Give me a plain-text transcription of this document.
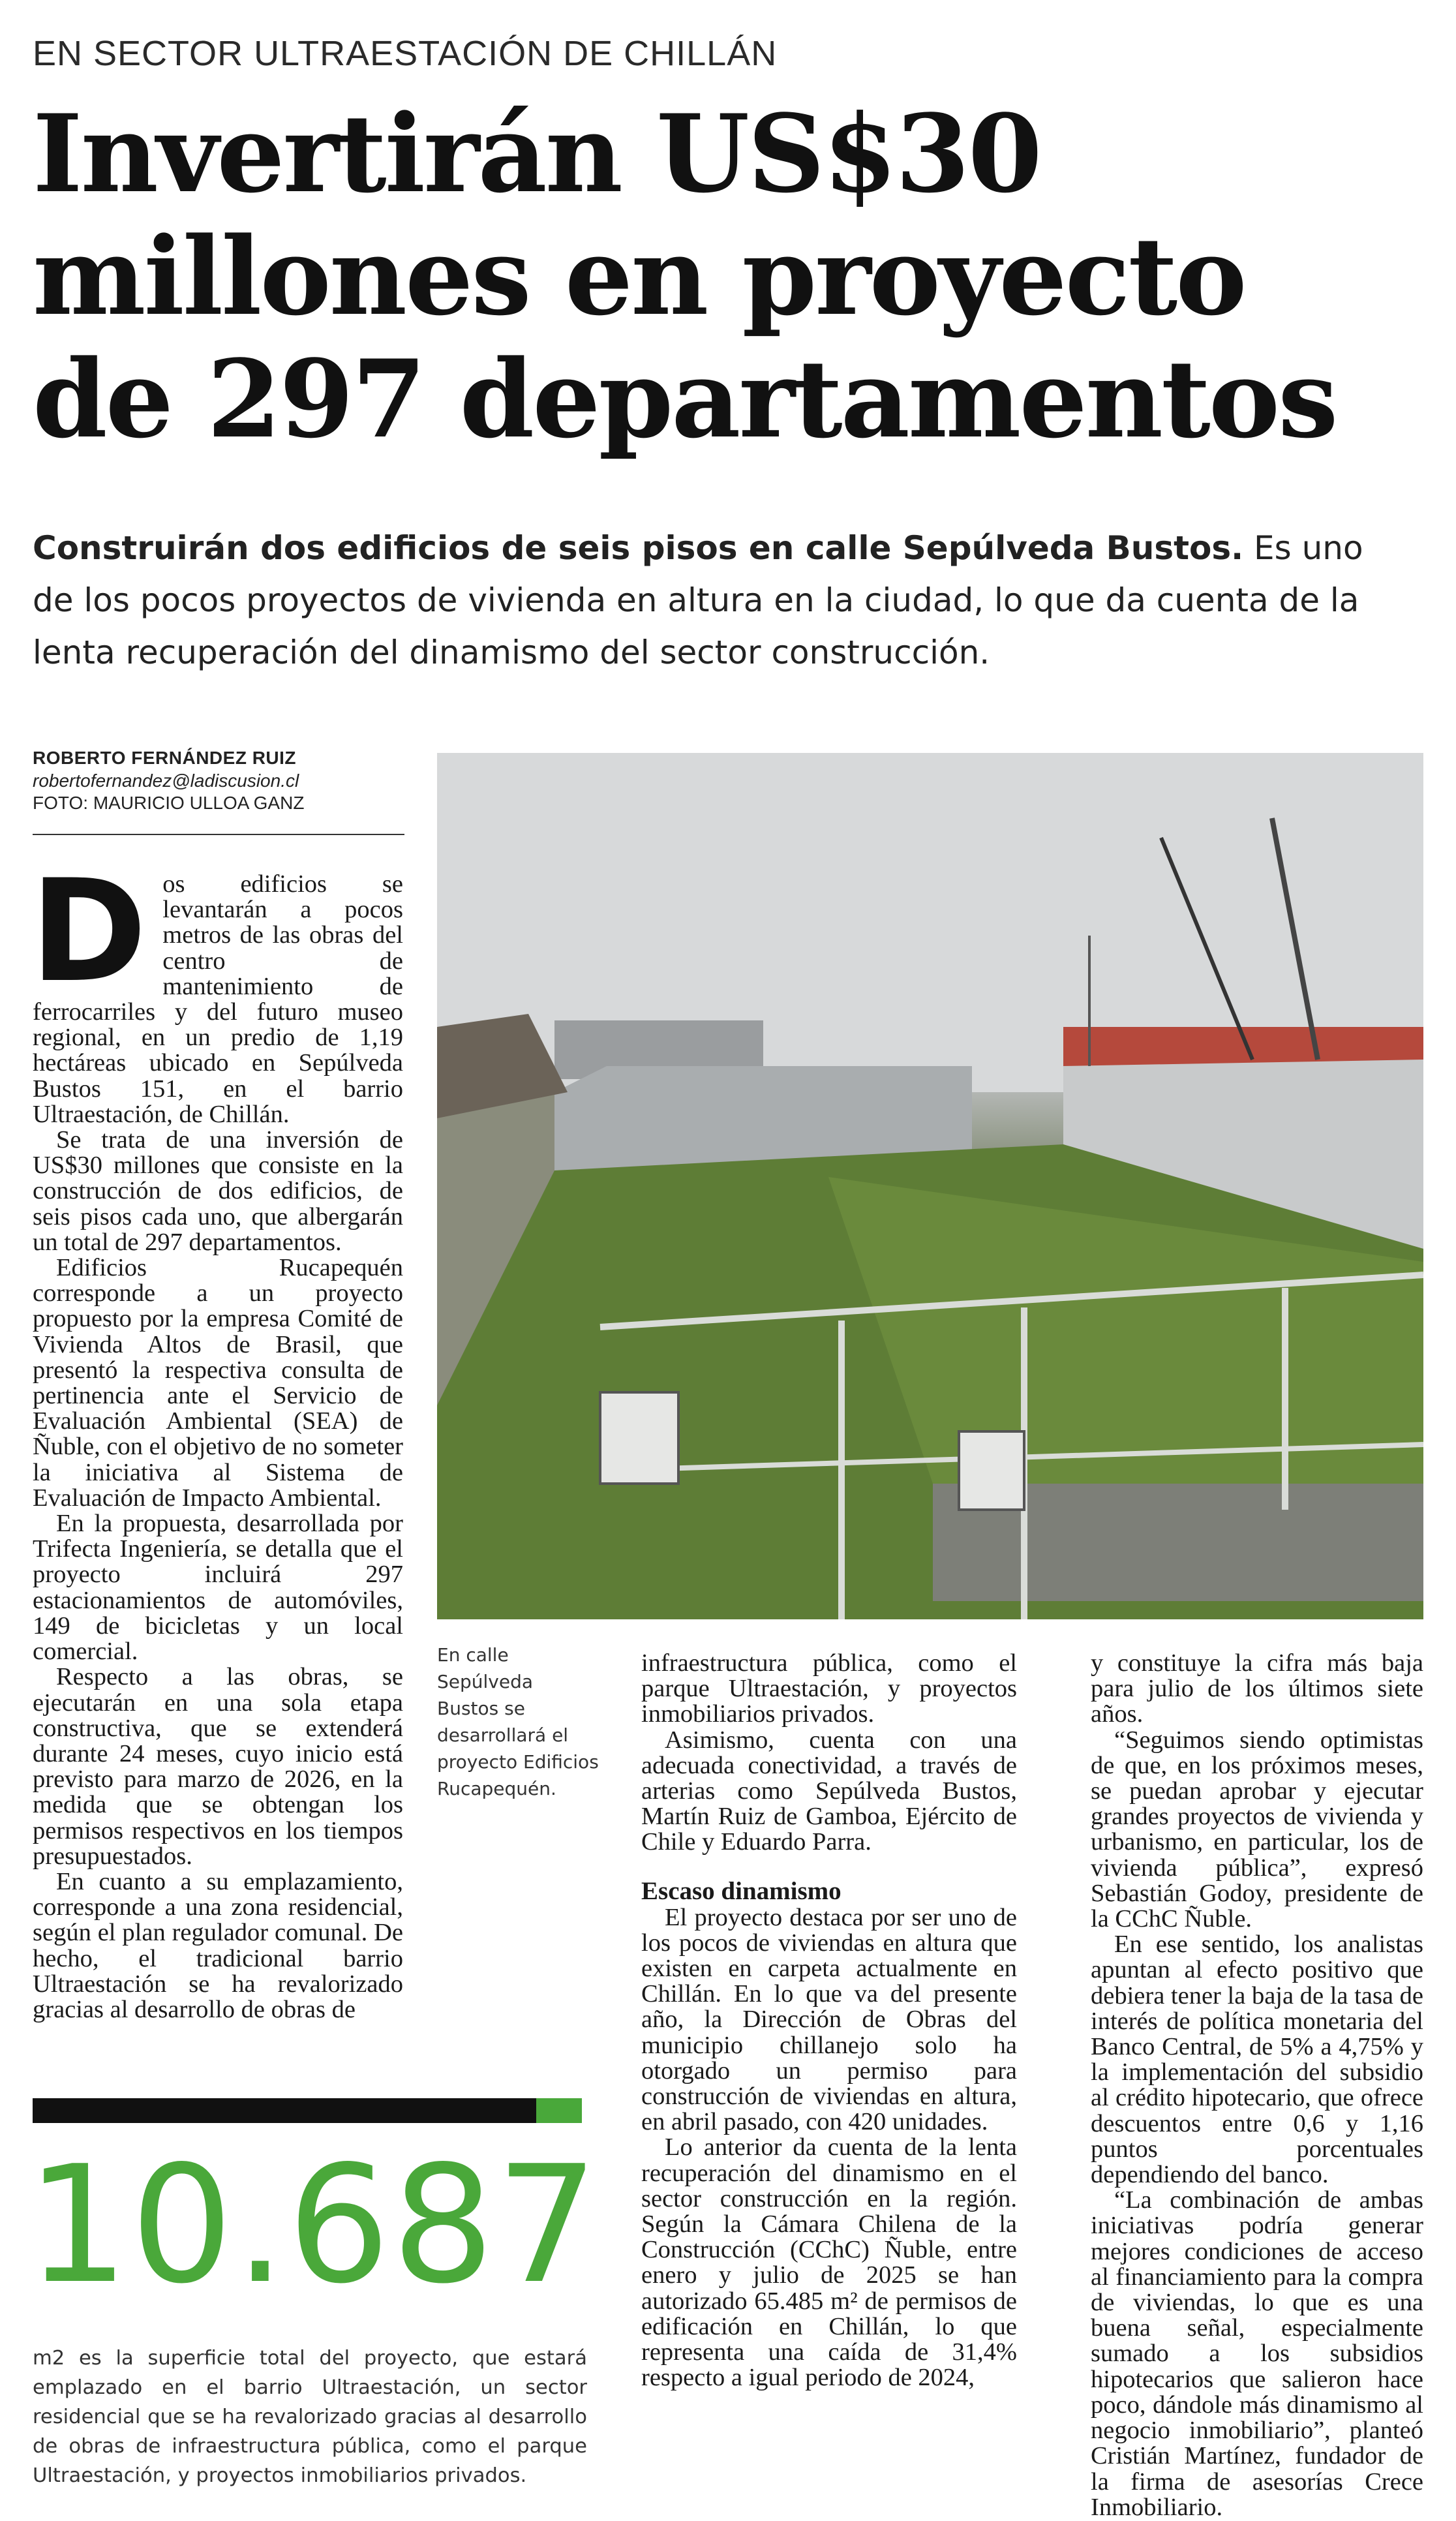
EN SECTOR ULTRAESTACIÓN DE CHILLÁN
Invertirán US$30
millones en proyecto
de 297 departamentos
Construirán dos edificios de seis pisos en calle Sepúlveda Bustos. Es uno de los pocos proyectos de vivienda en altura en la ciudad, lo que da cuenta de la lenta recuperación del dinamismo del sector construcción.
ROBERTO FERNÁNDEZ RUIZ
robertofernandez@ladiscusion.cl
FOTO: MAURICIO ULLOA GANZ

Dos edificios se levantarán a pocos metros de las obras del centro de mantenimiento de ferrocarriles y del futuro museo regional, en un predio de 1,19 hectáreas ubicado en Sepúlveda Bustos 151, en el barrio Ultraestación, de Chillán.

Se trata de una inversión de US$30 millones que consiste en la construcción de dos edificios, de seis pisos cada uno, que albergarán un total de 297 departamentos.

Edificios Rucapequén corresponde a un proyecto propuesto por la empresa Comité de Vivienda Altos de Brasil, que presentó la respectiva consulta de pertinencia ante el Servicio de Evaluación Ambiental (SEA) de Ñuble, con el objetivo de no someter la iniciativa al Sistema de Evaluación de Impacto Ambiental.

En la propuesta, desarrollada por Trifecta Ingeniería, se detalla que el proyecto incluirá 297 estacionamientos de automóviles, 149 de bicicletas y un local comercial.

Respecto a las obras, se ejecutarán en una sola etapa constructiva, que se extenderá durante 24 meses, cuyo inicio está previsto para marzo de 2026, en la medida que se obtengan los permisos respectivos en los tiempos presupuestados.

En cuanto a su emplazamiento, corresponde a una zona residencial, según el plan regulador comunal. De hecho, el tradicional barrio Ultraestación se ha revalorizado gracias al desarrollo de obras de

En calle Sepúlveda Bustos se desarrollará el proyecto Edificios Rucapequén.

infraestructura pública, como el parque Ultraestación, y proyectos inmobiliarios privados.

Asimismo, cuenta con una adecuada conectividad, a través de arterias como Sepúlveda Bustos, Martín Ruiz de Gamboa, Ejército de Chile y Eduardo Parra.

Escaso dinamismo

El proyecto destaca por ser uno de los pocos de viviendas en altura que existen en carpeta actualmente en Chillán. En lo que va del presente año, la Dirección de Obras del municipio chillanejo solo ha otorgado un permiso para construcción de viviendas en altura, en abril pasado, con 420 unidades.

Lo anterior da cuenta de la lenta recuperación del dinamismo en el sector construcción en la región. Según la Cámara Chilena de la Construcción (CChC) Ñuble, entre enero y julio de 2025 se han autorizado 65.485 m² de permisos de edificación en Chillán, lo que representa una caída de 31,4% respecto a igual periodo de 2024,

y constituye la cifra más baja para julio de los últimos siete años.

“Seguimos siendo optimistas de que, en los próximos meses, se puedan aprobar y ejecutar grandes proyectos de vivienda y urbanismo, en particular, los de vivienda pública”, expresó Sebastián Godoy, presidente de la CChC Ñuble.

En ese sentido, los analistas apuntan al efecto positivo que debiera tener la baja de la tasa de interés de política monetaria del Banco Central, de 5% a 4,75% y la implementación del subsidio al crédito hipotecario, que ofrece descuentos entre 0,6 y 1,16 puntos porcentuales dependiendo del banco.

“La combinación de ambas iniciativas podría generar mejores condiciones de acceso al financiamiento para la compra de viviendas, lo que es una buena señal, especialmente sumado a los subsidios hipotecarios que salieron hace poco, dándole más dinamismo al negocio inmobiliario”, planteó Cristián Martínez, fundador de la firma de asesorías Crece Inmobiliario.

10.687
m2 es la superficie total del proyecto, que estará emplazado en el barrio Ultraestación, un sector residencial que se ha revalorizado gracias al desarrollo de obras de infraestructura pública, como el parque Ultraestación, y proyectos inmobiliarios privados.
